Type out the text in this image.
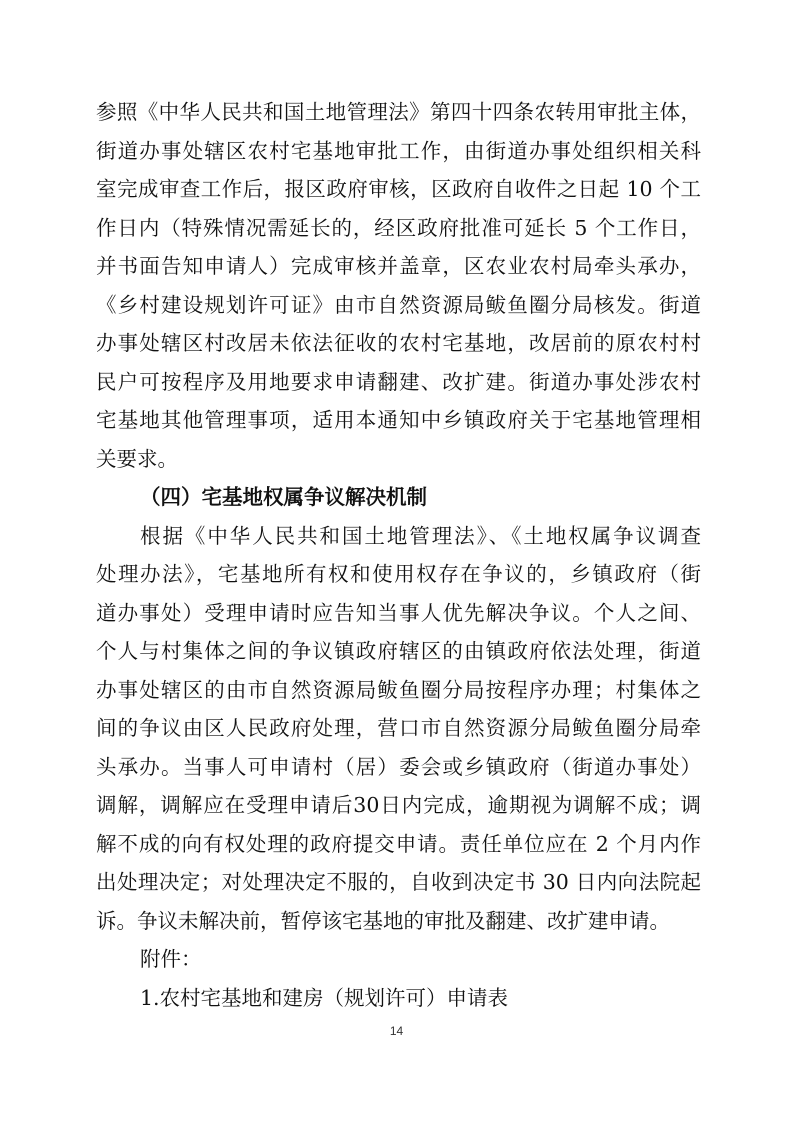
参照《中华人民共和国土地管理法》第四十四条农转用审批主体，
街道办事处辖区农村宅基地审批工作，由街道办事处组织相关科
室完成审查工作后，报区政府审核，区政府自收件之日起 10 个工
作日内（特殊情况需延长的，经区政府批准可延长 5 个工作日，
并书面告知申请人）完成审核并盖章，区农业农村局牵头承办，
《乡村建设规划许可证》由市自然资源局鲅鱼圈分局核发。街道
办事处辖区村改居未依法征收的农村宅基地，改居前的原农村村
民户可按程序及用地要求申请翻建、改扩建。街道办事处涉农村
宅基地其他管理事项，适用本通知中乡镇政府关于宅基地管理相
关要求。
（四）宅基地权属争议解决机制
根据《中华人民共和国土地管理法》、《土地权属争议调查
处理办法》，宅基地所有权和使用权存在争议的，乡镇政府（街
道办事处）受理申请时应告知当事人优先解决争议。个人之间、
个人与村集体之间的争议镇政府辖区的由镇政府依法处理，街道
办事处辖区的由市自然资源局鲅鱼圈分局按程序办理；村集体之
间的争议由区人民政府处理，营口市自然资源分局鲅鱼圈分局牵
头承办。当事人可申请村（居）委会或乡镇政府（街道办事处）
调解，调解应在受理申请后30日内完成，逾期视为调解不成；调
解不成的向有权处理的政府提交申请。责任单位应在 2 个月内作
出处理决定；对处理决定不服的，自收到决定书 30 日内向法院起
诉。争议未解决前，暂停该宅基地的审批及翻建、改扩建申请。
附件：
1.农村宅基地和建房（规划许可）申请表
14
